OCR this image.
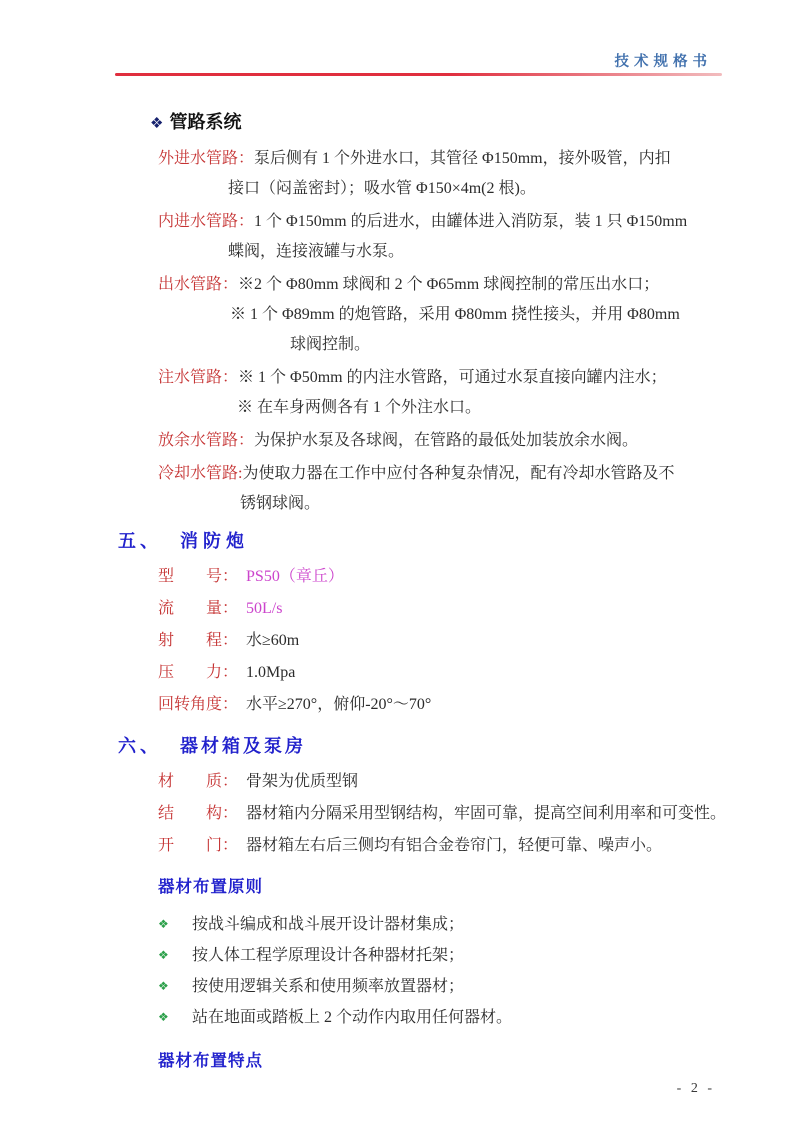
技术规格书
❖ 管路系统
外进水管路：泵后侧有 1 个外进水口，其管径 Φ150mm，接外吸管，内扣
接口（闷盖密封）；吸水管 Φ150×4m(2 根)。
内进水管路：1 个 Φ150mm 的后进水，由罐体进入消防泵，装 1 只 Φ150mm
蝶阀，连接液罐与水泵。
出水管路：※2 个 Φ80mm 球阀和 2 个 Φ65mm 球阀控制的常压出水口；
※ 1 个 Φ89mm 的炮管路，采用 Φ80mm 挠性接头，并用 Φ80mm
球阀控制。
注水管路：※ 1 个 Φ50mm 的内注水管路，可通过水泵直接向罐内注水；
※ 在车身两侧各有 1 个外注水口。
放余水管路：为保护水泵及各球阀，在管路的最低处加装放余水阀。
冷却水管路:为使取力器在工作中应付各种复杂情况，配有冷却水管路及不
锈钢球阀。
五、 消防炮
型　　号： PS50（章丘）
流　　量： 50L/s
射　　程： 水≥60m
压　　力： 1.0Mpa
回转角度： 水平≥270°，俯仰-20°～70°
六、 器材箱及泵房
材　　质： 骨架为优质型钢
结　　构： 器材箱内分隔采用型钢结构，牢固可靠，提高空间利用率和可变性。
开　　门： 器材箱左右后三侧均有铝合金卷帘门，轻便可靠、噪声小。
器材布置原则
❖ 按战斗编成和战斗展开设计器材集成；
❖ 按人体工程学原理设计各种器材托架；
❖ 按使用逻辑关系和使用频率放置器材；
❖ 站在地面或踏板上 2 个动作内取用任何器材。
器材布置特点
- 2 -
